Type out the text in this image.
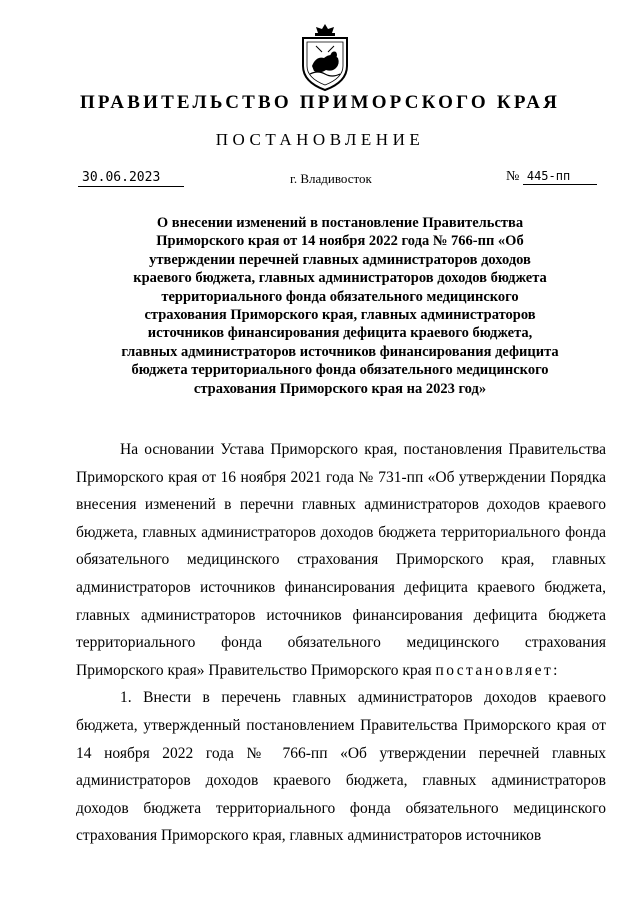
ПРАВИТЕЛЬСТВО ПРИМОРСКОГО КРАЯ
ПОСТАНОВЛЕНИЕ
30.06.2023	г. Владивосток	№ 445-пп
О внесении изменений в постановление Правительства Приморского края от 14 ноября 2022 года № 766-пп «Об утверждении перечней главных администраторов доходов краевого бюджета, главных администраторов доходов бюджета территориального фонда обязательного медицинского страхования Приморского края, главных администраторов источников финансирования дефицита краевого бюджета, главных администраторов источников финансирования дефицита бюджета территориального фонда обязательного медицинского страхования Приморского края на 2023 год»

На основании Устава Приморского края, постановления Правительства Приморского края от 16 ноября 2021 года № 731-пп «Об утверждении Порядка внесения изменений в перечни главных администраторов доходов краевого бюджета, главных администраторов доходов бюджета территориального фонда обязательного медицинского страхования Приморского края, главных администраторов источников финансирования дефицита краевого бюджета, главных администраторов источников финансирования дефицита бюджета территориального фонда обязательного медицинского страхования Приморского края» Правительство Приморского края постановляет:

1. Внести в перечень главных администраторов доходов краевого бюджета, утвержденный постановлением Правительства Приморского края от 14 ноября 2022 года № 766-пп «Об утверждении перечней главных администраторов доходов краевого бюджета, главных администраторов доходов бюджета территориального фонда обязательного медицинского страхования Приморского края, главных администраторов источников
